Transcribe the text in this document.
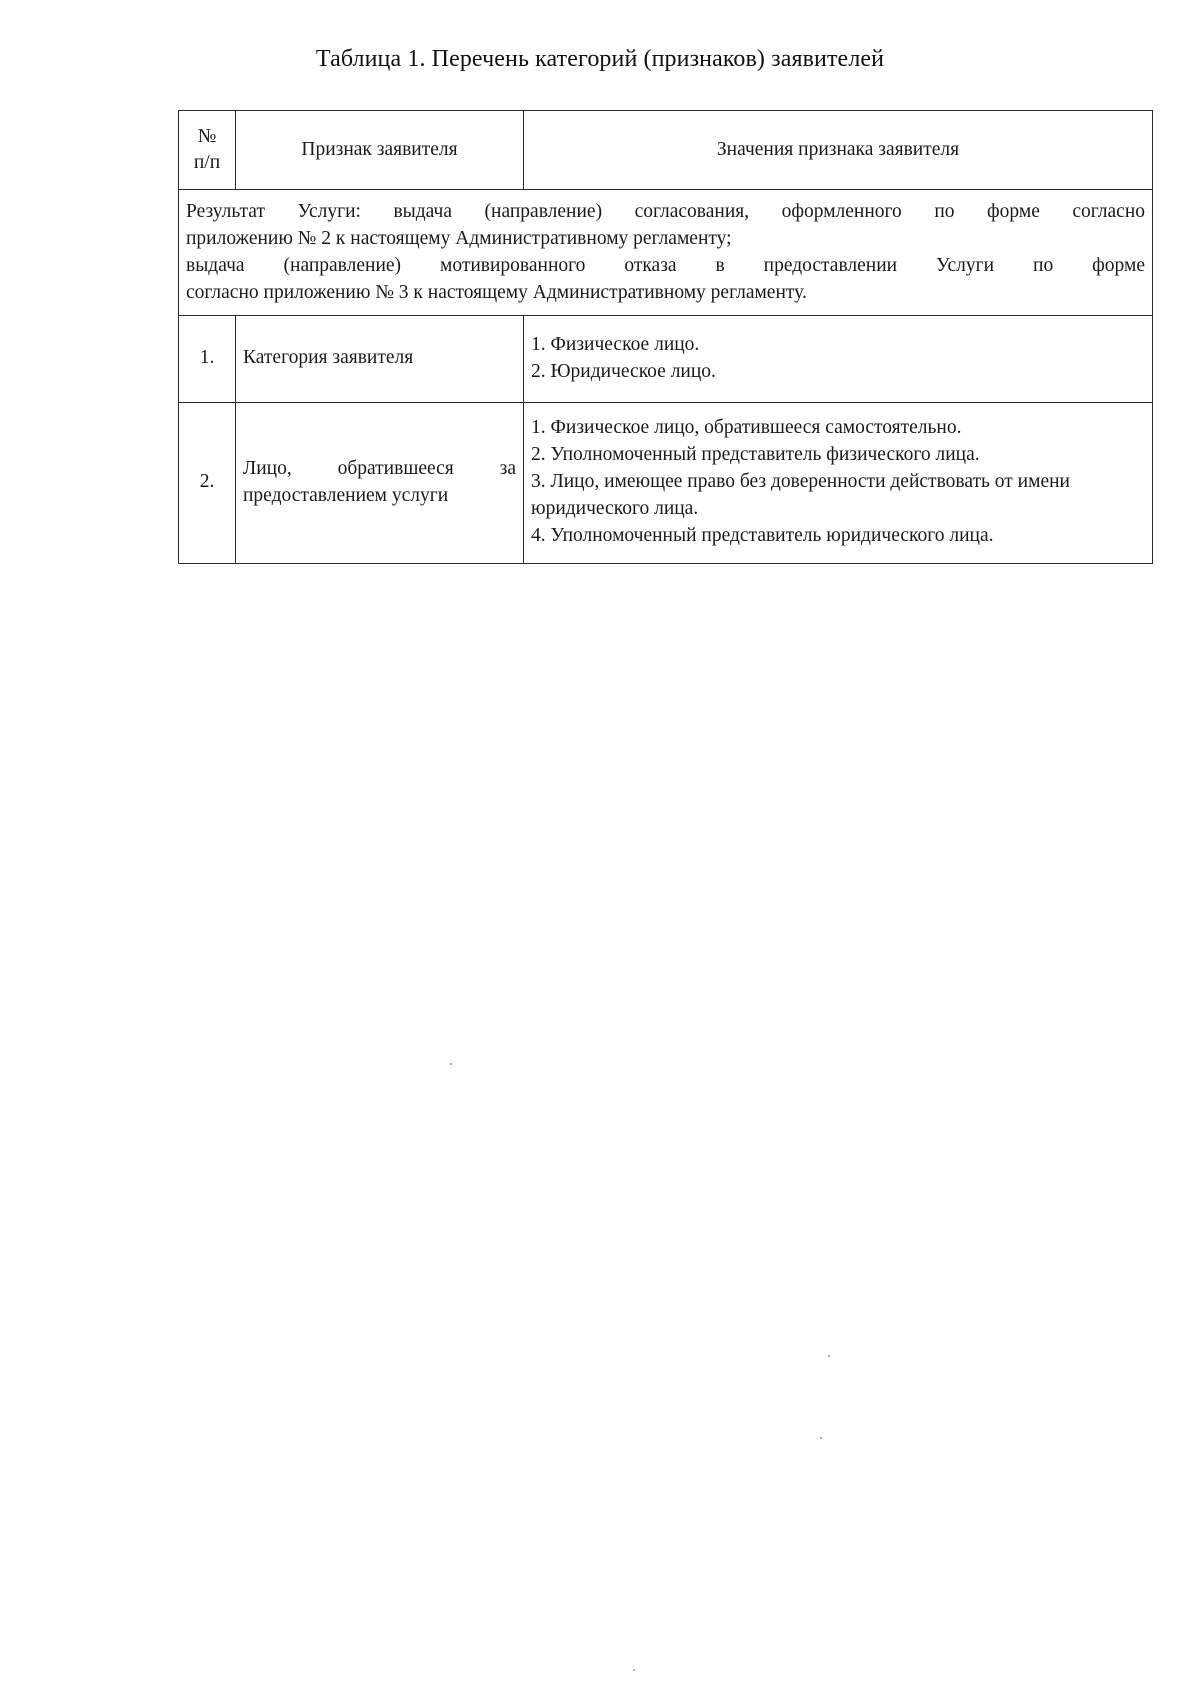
Таблица 1. Перечень категорий (признаков) заявителей
№
п/п	Признак заявителя	Значения признака заявителя

Результат Услуги: выдача (направление) согласования, оформленного по форме согласно
приложению № 2 к настоящему Административному регламенту;
выдача (направление) мотивированного отказа в предоставлении Услуги по форме
согласно приложению № 3 к настоящему Административному регламенту.		

1.	Категория заявителя	1. Физическое лицо.
2. Юридическое лицо.

2.	Лицо, обратившееся за предоставлением услуги	1. Физическое лицо, обратившееся самостоятельно.
2. Уполномоченный представитель физического лица.
3. Лицо, имеющее право без доверенности действовать от имени юридического лица.
4. Уполномоченный представитель юридического лица.
